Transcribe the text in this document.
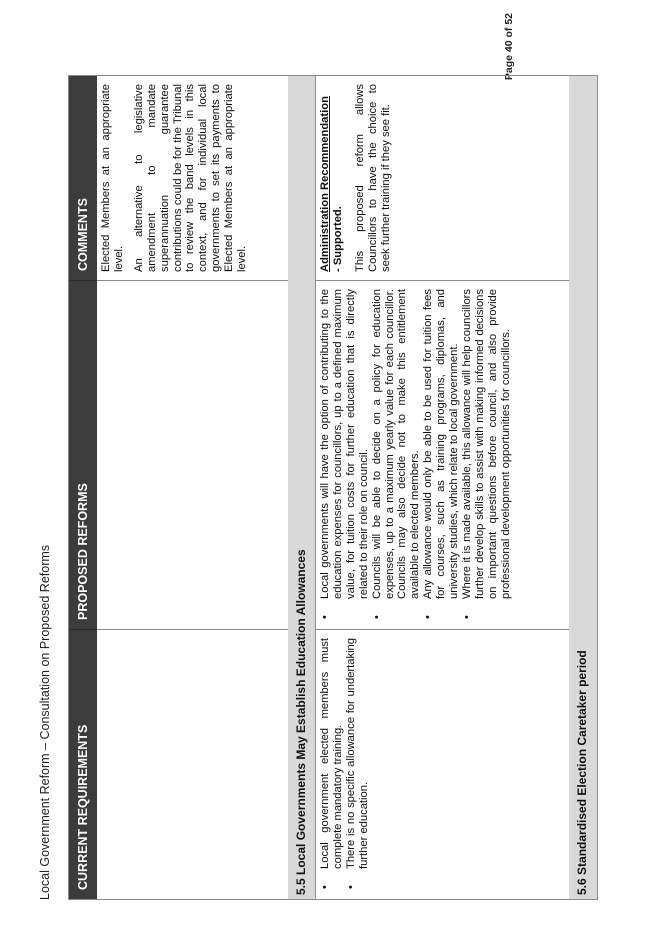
Local Government Reform – Consultation on Proposed Reforms
Page 40 of 52
CURRENT REQUIREMENTS
PROPOSED REFORMS
COMMENTS Elected Members at an appropriate level. An alternative to legislative amendment to mandate superannuation guarantee contributions could be for the Tribunal to review the band levels in this context, and for individual local governments to set its payments to Elected Members at an appropriate level.

5.5 Local Governments May Establish Education Allowances	•
Local government elected members must complete mandatory training.
•
There is no specific allowance for undertaking further education.
•
Local governments will have the option of contributing to the education expenses for councillors, up to a defined maximum value, for tuition costs for further education that is directly related to their role on council.
•
Councils will be able to decide on a policy for education expenses, up to a maximum yearly value for each councillor. Councils may also decide not to make this entitlement available to elected members.
•
Any allowance would only be able to be used for tuition fees for courses, such as training programs, diplomas, and university studies, which relate to local government.
•
Where it is made available, this allowance will help councillors further develop skills to assist with making informed decisions on important questions before council, and also provide professional development opportunities for councillors.
Administration Recommendation - Supported. This proposed reform allows Councillors to have the choice to seek further training if they see fit.

5.6 Standardised Election Caretaker period
